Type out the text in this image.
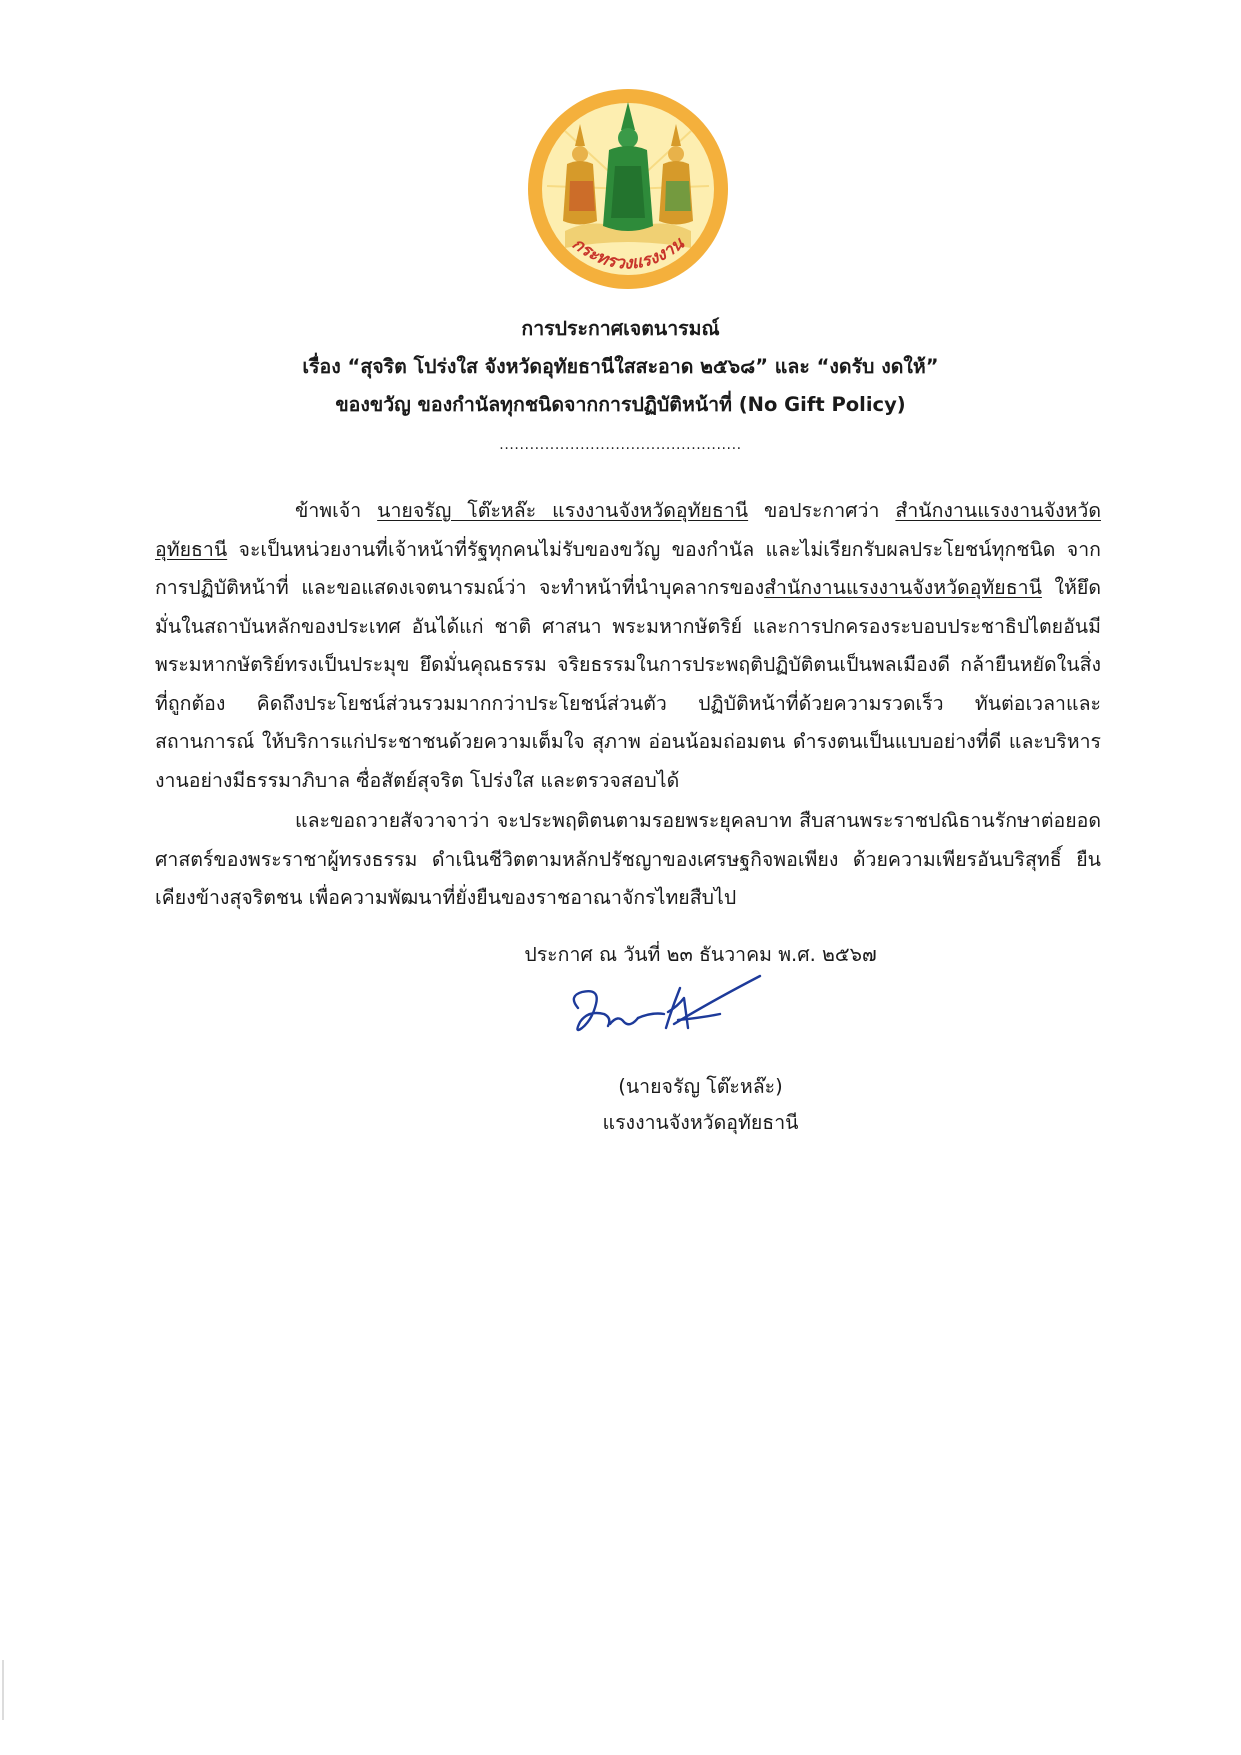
กระทรวงแรงงาน
การประกาศเจตนารมณ์
เรื่อง “สุจริต โปร่งใส จังหวัดอุทัยธานีใสสะอาด ๒๕๖๘” และ “งดรับ งดให้”
ของขวัญ ของกำนัลทุกชนิดจากการปฏิบัติหน้าที่ (No Gift Policy)
................................................
ข้าพเจ้า นายจรัญ โต๊ะหล๊ะ แรงงานจังหวัดอุทัยธานี ขอประกาศว่า สำนักงานแรงงานจังหวัดอุทัยธานี จะเป็นหน่วยงานที่เจ้าหน้าที่รัฐทุกคนไม่รับของขวัญ ของกำนัล และไม่เรียกรับผลประโยชน์ทุกชนิด จากการปฏิบัติหน้าที่ และขอแสดงเจตนารมณ์ว่า จะทำหน้าที่นำบุคลากรของสำนักงานแรงงานจังหวัดอุทัยธานี ให้ยึดมั่นในสถาบันหลักของประเทศ อันได้แก่ ชาติ ศาสนา พระมหากษัตริย์ และการปกครองระบอบประชาธิปไตยอันมีพระมหากษัตริย์ทรงเป็นประมุข ยึดมั่นคุณธรรม จริยธรรมในการประพฤติปฏิบัติตนเป็นพลเมืองดี กล้ายืนหยัดในสิ่งที่ถูกต้อง คิดถึงประโยชน์ส่วนรวมมากกว่าประโยชน์ส่วนตัว ปฏิบัติหน้าที่ด้วยความรวดเร็ว ทันต่อเวลาและสถานการณ์ ให้บริการแก่ประชาชนด้วยความเต็มใจ สุภาพ อ่อนน้อมถ่อมตน ดำรงตนเป็นแบบอย่างที่ดี และบริหารงานอย่างมีธรรมาภิบาล ซื่อสัตย์สุจริต โปร่งใส และตรวจสอบได้
และขอถวายสัจวาจาว่า จะประพฤติตนตามรอยพระยุคลบาท สืบสานพระราชปณิธานรักษาต่อยอดศาสตร์ของพระราชาผู้ทรงธรรม ดำเนินชีวิตตามหลักปรัชญาของเศรษฐกิจพอเพียง ด้วยความเพียรอันบริสุทธิ์ ยืนเคียงข้างสุจริตชน เพื่อความพัฒนาที่ยั่งยืนของราชอาณาจักรไทยสืบไป
ประกาศ ณ วันที่ ๒๓ ธันวาคม พ.ศ. ๒๕๖๗
(นายจรัญ โต๊ะหล๊ะ)
แรงงานจังหวัดอุทัยธานี
